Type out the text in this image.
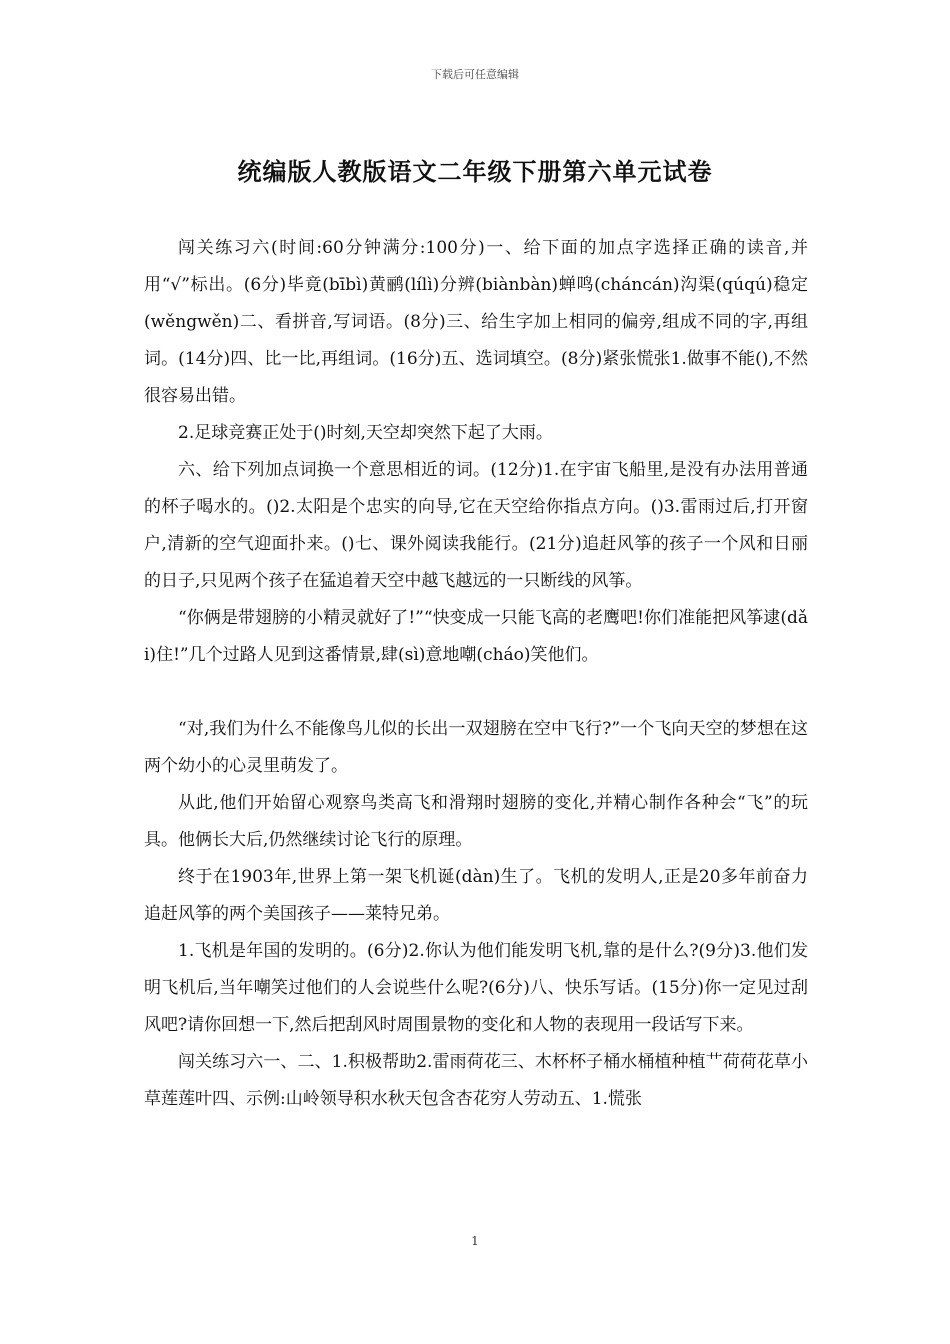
下载后可任意编辑
统编版人教版语文二年级下册第六单元试卷

闯关练习六(时间:60分钟满分:100分)一、给下面的加点字选择正确的读音,并用“√”标出。(6分)毕竟(bībì)黄鹂(lílì)分辨(biànbàn)蝉鸣(chánсán)沟渠(qúqú)稳定(wěngwěn)二、看拼音,写词语。(8分)三、给生字加上相同的偏旁,组成不同的字,再组词。(14分)四、比一比,再组词。(16分)五、选词填空。(8分)紧张慌张1.做事不能(),不然很容易出错。

2.足球竞赛正处于()时刻,天空却突然下起了大雨。

六、给下列加点词换一个意思相近的词。(12分)1.在宇宙飞船里,是没有办法用普通的杯子喝水的。()2.太阳是个忠实的向导,它在天空给你指点方向。()3.雷雨过后,打开窗户,清新的空气迎面扑来。()七、课外阅读我能行。(21分)追赶风筝的孩子一个风和日丽的日子,只见两个孩子在猛追着天空中越飞越远的一只断线的风筝。

“你俩是带翅膀的小精灵就好了!”“快变成一只能飞高的老鹰吧!你们准能把风筝逮(dǎi)住!”几个过路人见到这番情景,肆(sì)意地嘲(cháo)笑他们。

“对,我们为什么不能像鸟儿似的长出一双翅膀在空中飞行?”一个飞向天空的梦想在这两个幼小的心灵里萌发了。

从此,他们开始留心观察鸟类高飞和滑翔时翅膀的变化,并精心制作各种会“飞”的玩具。他俩长大后,仍然继续讨论飞行的原理。

终于在1903年,世界上第一架飞机诞(dàn)生了。飞机的发明人,正是20多年前奋力追赶风筝的两个美国孩子——莱特兄弟。

1.飞机是年国的发明的。(6分)2.你认为他们能发明飞机,靠的是什么?(9分)3.他们发明飞机后,当年嘲笑过他们的人会说些什么呢?(6分)八、快乐写话。(15分)你一定见过刮风吧?请你回想一下,然后把刮风时周围景物的变化和人物的表现用一段话写下来。

闯关练习六一、二、1.积极帮助2.雷雨荷花三、木杯杯子桶水桶植种植艹荷荷花草小草莲莲叶四、示例:山岭领导积水秋天包含杏花穷人劳动五、1.慌张

1
